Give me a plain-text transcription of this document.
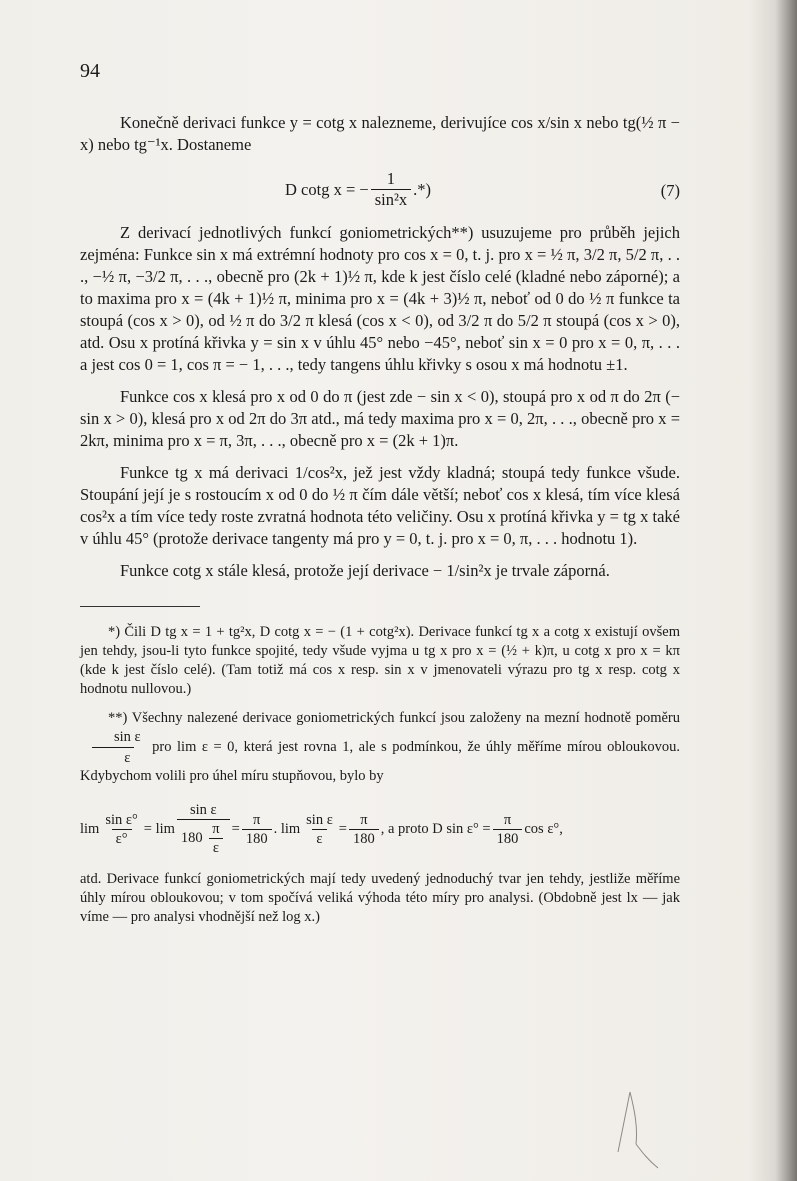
94

Konečně derivaci funkce y = cotg x nalezneme, derivujíce cos x/sin x nebo tg(½ π − x) nebo tg⁻¹x. Dostaneme

D cotg x = − $\frac{1}{\text{sin²x}}$ .*)	(7)

Z derivací jednotlivých funkcí goniometrických**) usuzujeme pro průběh jejich zejména: Funkce sin x má extrémní hodnoty pro cos x = 0, t. j. pro x = ½ π, 3/2 π, 5/2 π, . . ., −½ π, −3/2 π, . . ., obecně pro (2k + 1)½ π, kde k jest číslo celé (kladné nebo záporné); a to maxima pro x = (4k + 1)½ π, minima pro x = (4k + 3)½ π, neboť od 0 do ½ π funkce ta stoupá (cos x > 0), od ½ π do 3/2 π klesá (cos x < 0), od 3/2 π do 5/2 π stoupá (cos x > 0), atd. Osu x protíná křivka y = sin x v úhlu 45° nebo −45°, neboť sin x = 0 pro x = 0, π, . . . a jest cos 0 = 1, cos π = − 1, . . ., tedy tangens úhlu křivky s osou x má hodnotu ±1.

Funkce cos x klesá pro x od 0 do π (jest zde − sin x < 0), stoupá pro x od π do 2π (− sin x > 0), klesá pro x od 2π do 3π atd., má tedy maxima pro x = 0, 2π, . . ., obecně pro x = 2kπ, minima pro x = π, 3π, . . ., obecně pro x = (2k + 1)π.

Funkce tg x má derivaci 1/cos²x, jež jest vždy kladná; stoupá tedy funkce všude. Stoupání její je s rostoucím x od 0 do ½ π čím dále větší; neboť cos x klesá, tím více klesá cos²x a tím více tedy roste zvratná hodnota této veličiny. Osu x protíná křivka y = tg x také v úhlu 45° (protože derivace tangenty má pro y = 0, t. j. pro x = 0, π, . . . hodnotu 1).

Funkce cotg x stále klesá, protože její derivace − 1/sin²x je trvale záporná.

*) Čili D tg x = 1 + tg²x, D cotg x = − (1 + cotg²x). Derivace funkcí tg x a cotg x existují ovšem jen tehdy, jsou-li tyto funkce spojité, tedy všude vyjma u tg x pro x = (½ + k)π, u cotg x pro x = kπ (kde k jest číslo celé). (Tam totiž má cos x resp. sin x v jmenovateli výrazu pro tg x resp. cotg x hodnotu nullovou.)

**) Všechny nalezené derivace goniometrických funkcí jsou založeny na mezní hodnotě poměru
$\frac{\text{sin ε}}{\varepsilon}$ pro lim ε = 0, která jest rovna 1, ale s podmínkou, že úhly měříme mírou obloukovou. Kdybychom volili pro úhel míru stupňovou, bylo by

$\lim \frac{\text{sin ε°}}{\varepsilon^\circ} = \lim \frac{\text{sin ε}}{180 \frac{\pi}{\varepsilon}} = \frac{\pi}{180}$ . $\lim \frac{\text{sin ε}}{\varepsilon} = \frac{\pi}{180}$ , a proto D $\sin \varepsilon^\circ = \frac{\pi}{180}$ cos ε°,

atd. Derivace funkcí goniometrických mají tedy uvedený jednoduchý tvar jen tehdy, jestliže měříme úhly mírou obloukovou; v tom spočívá veliká výhoda této míry pro analysi. (Obdobně jest lx — jak víme — pro analysi vhodnější než log x.)
